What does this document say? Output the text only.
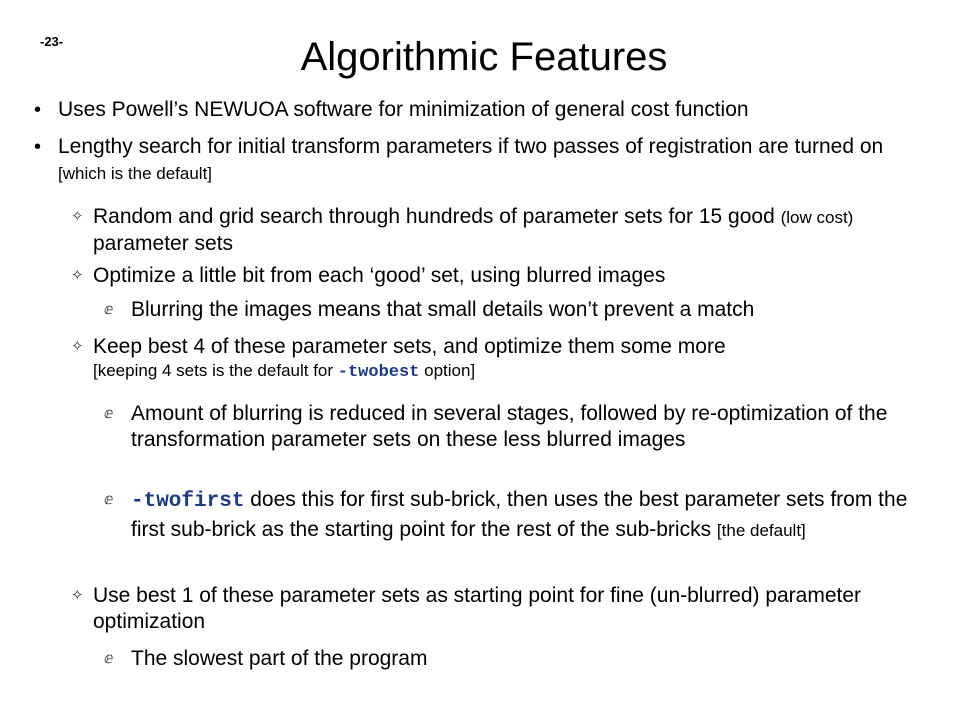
-23-	Algorithmic Features
• Uses Powell’s NEWUOA software for minimization of general cost function
• Lengthy search for initial transform parameters if two passes of registration are turned on [which is the default]
✧ Random and grid search through hundreds of parameter sets for 15 good (low cost) parameter sets
✧ Optimize a little bit from each ‘good’ set, using blurred images
ⅇ Blurring the images means that small details won’t prevent a match
✧ Keep best 4 of these parameter sets, and optimize them some more
[keeping 4 sets is the default for -twobest option]
ⅇ Amount of blurring is reduced in several stages, followed by re-optimization of the transformation parameter sets on these less blurred images
ⅇ -twofirst does this for first sub-brick, then uses the best parameter sets from the first sub-brick as the starting point for the rest of the sub-bricks [the default]
✧ Use best 1 of these parameter sets as starting point for fine (un-blurred) parameter optimization
ⅇ The slowest part of the program
